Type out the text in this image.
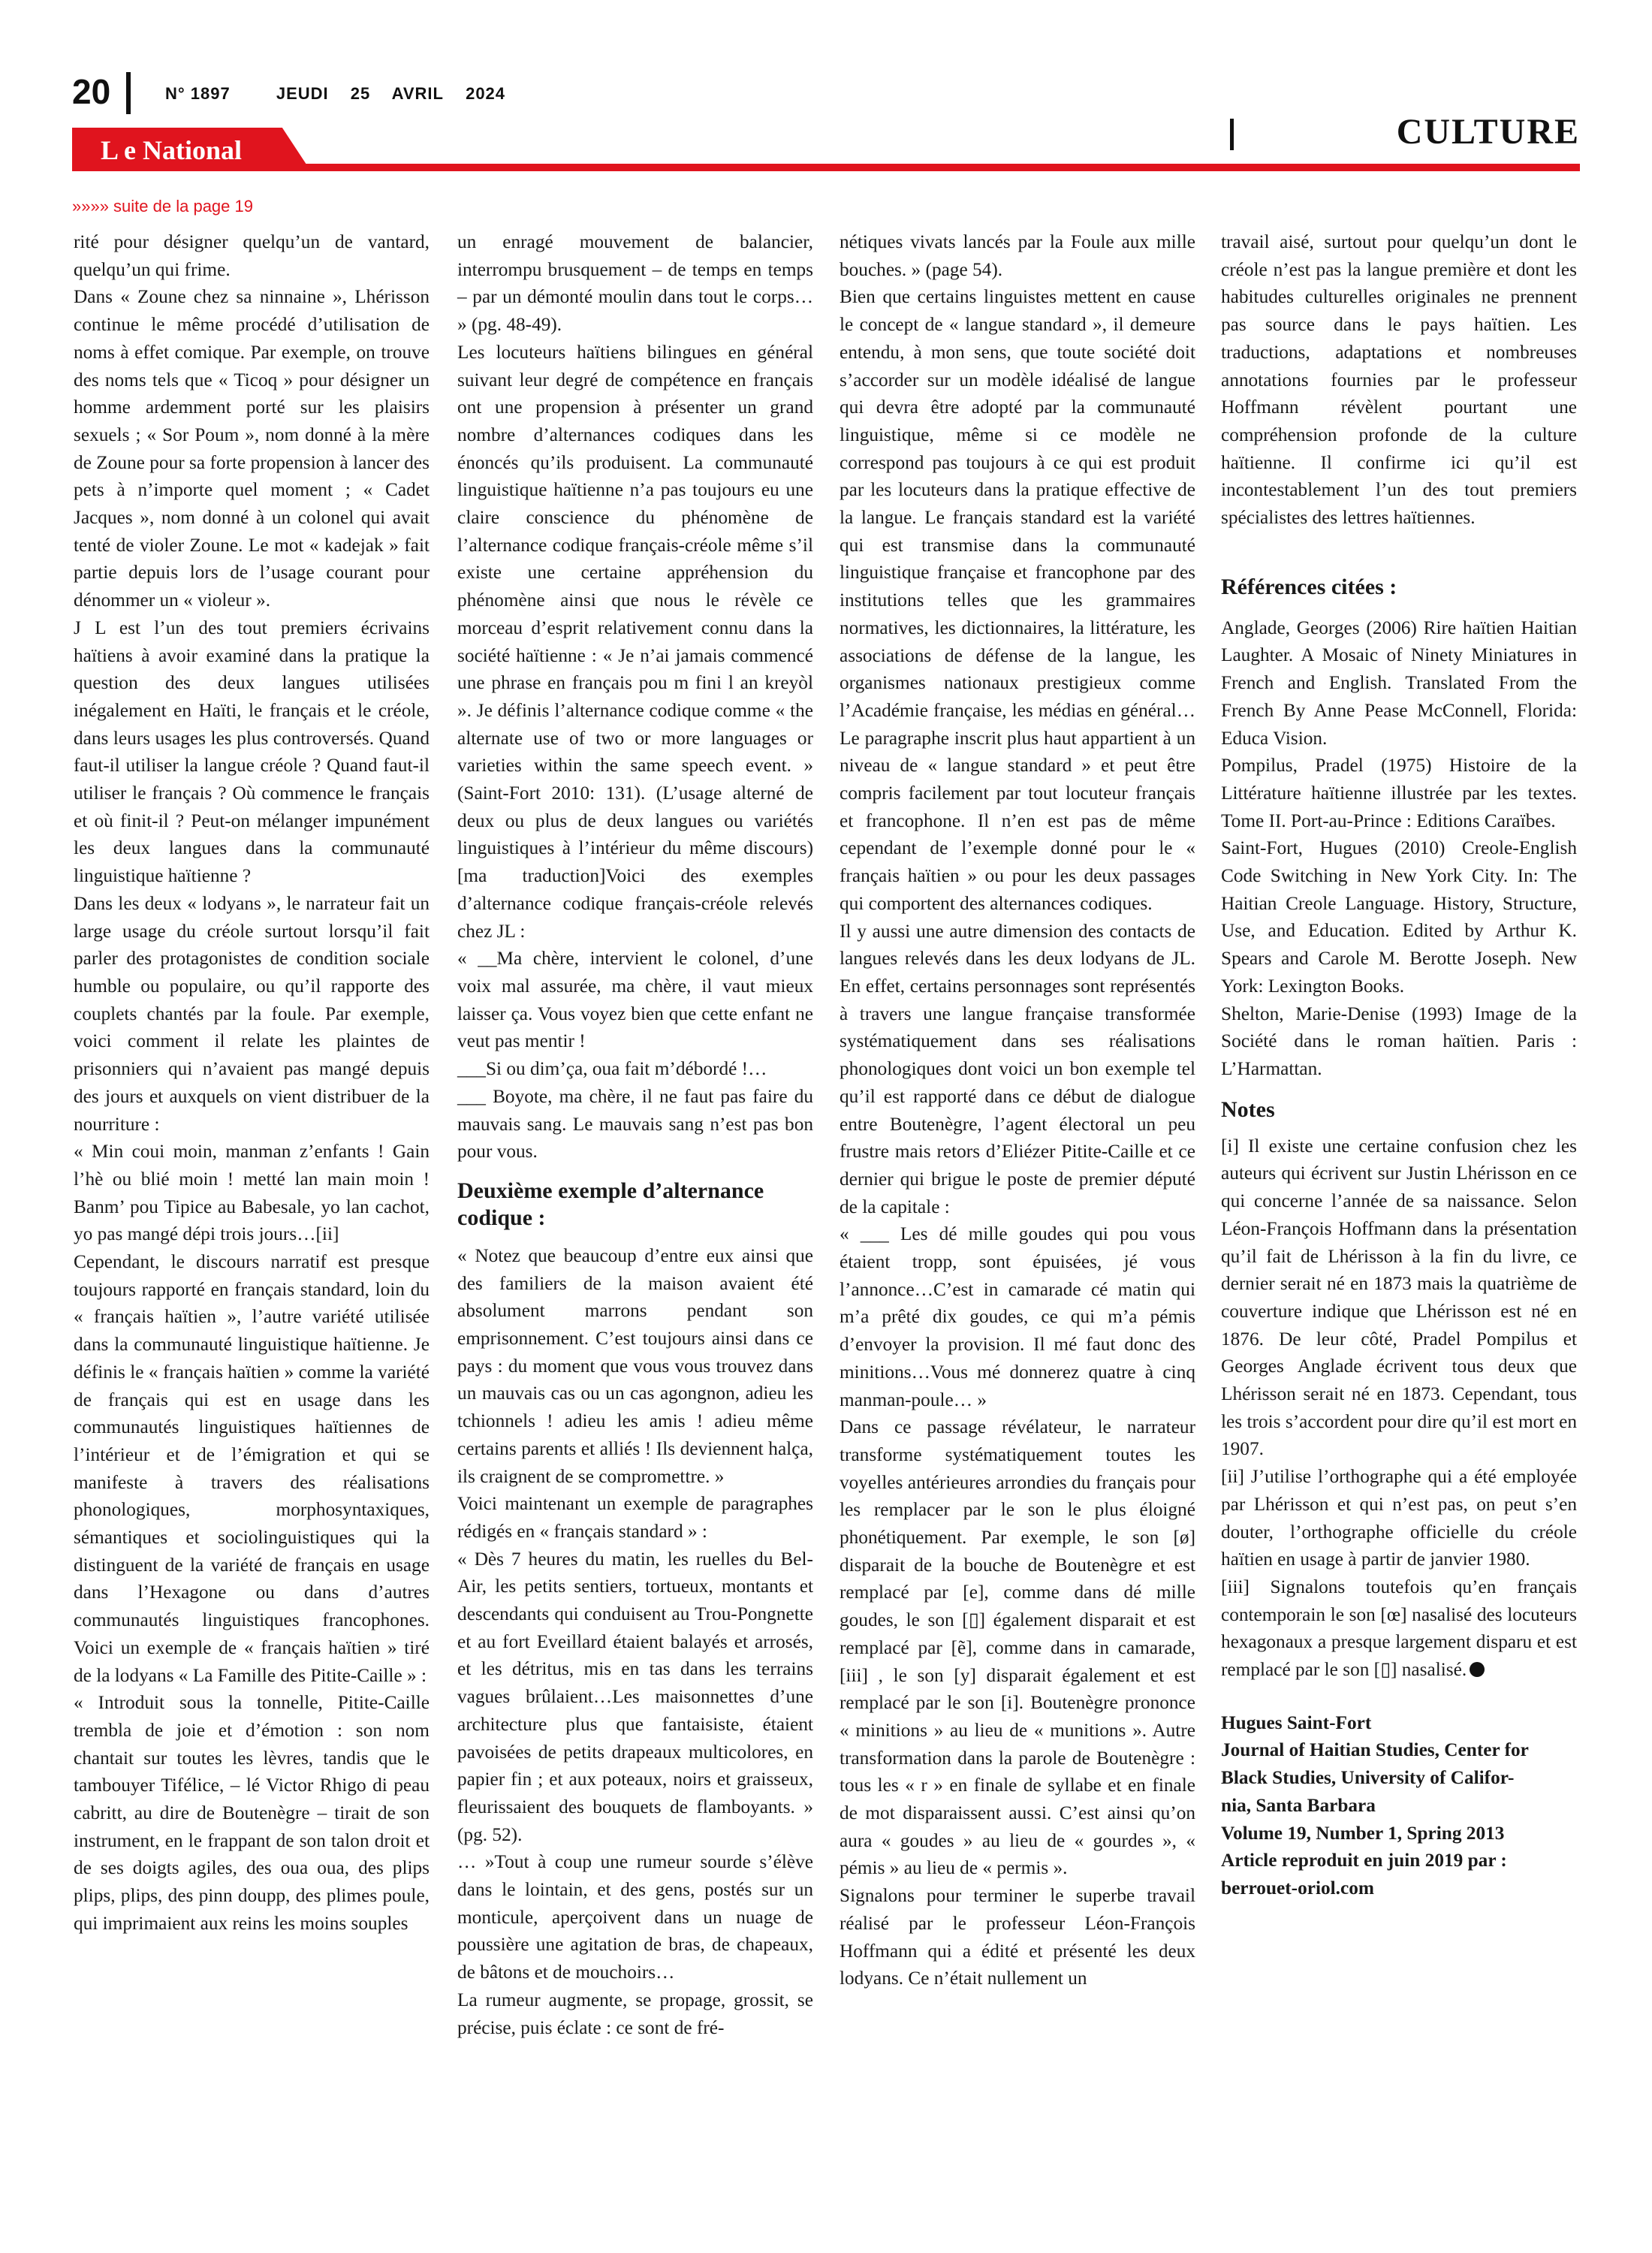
20	N° 1897	JEUDI 25 AVRIL 2024
L e National	CULTURE
»»»» suite de la page 19

rité pour désigner quelqu’un de vantard, quelqu’un qui frime.

Dans « Zoune chez sa ninnaine », Lhérisson continue le même procédé d’utilisation de noms à effet comique. Par exemple, on trouve des noms tels que « Ticoq » pour désigner un homme ardemment porté sur les plaisirs sexuels ; « Sor Poum », nom donné à la mère de Zoune pour sa forte propension à lancer des pets à n’importe quel moment ; « Cadet Jacques », nom donné à un colonel qui avait tenté de violer Zoune. Le mot « kadejak » fait partie depuis lors de l’usage courant pour dénommer un « violeur ».

J L est l’un des tout premiers écrivains haïtiens à avoir examiné dans la pratique la question des deux langues utilisées inégalement en Haïti, le français et le créole, dans leurs usages les plus controversés. Quand faut-il utiliser la langue créole ? Quand faut-il utiliser le français ? Où commence le français et où finit-il ? Peut-on mélanger impunément les deux langues dans la communauté linguistique haïtienne ?

Dans les deux « lodyans », le narrateur fait un large usage du créole surtout lorsqu’il fait parler des protagonistes de condition sociale humble ou populaire, ou qu’il rapporte des couplets chantés par la foule. Par exemple, voici comment il relate les plaintes de prisonniers qui n’avaient pas mangé depuis des jours et auxquels on vient distribuer de la nourriture :

« Min coui moin, manman z’enfants ! Gain l’hè ou blié moin ! metté lan main moin ! Banm’ pou Tipice au Babesale, yo lan cachot, yo pas mangé dépi trois jours…[ii]

Cependant, le discours narratif est presque toujours rapporté en français standard, loin du « français haïtien », l’autre variété utilisée dans la communauté linguistique haïtienne. Je définis le « français haïtien » comme la variété de français qui est en usage dans les communautés linguistiques haïtiennes de l’intérieur et de l’émigration et qui se manifeste à travers des réalisations phonologiques, morphosyntaxiques, sémantiques et sociolinguistiques qui la distinguent de la variété de français en usage dans l’Hexagone ou dans d’autres communautés linguistiques francophones. Voici un exemple de « français haïtien » tiré de la lodyans « La Famille des Pitite-Caille » :

« Introduit sous la tonnelle, Pitite-Caille trembla de joie et d’émotion : son nom chantait sur toutes les lèvres, tandis que le tambouyer Tifélice, – lé Victor Rhigo di peau cabritt, au dire de Boutenègre – tirait de son instrument, en le frappant de son talon droit et de ses doigts agiles, des oua oua, des plips plips, plips, des pinn doupp, des plimes poule, qui imprimaient aux reins les moins souples

un enragé mouvement de balancier, interrompu brusquement – de temps en temps – par un démonté moulin dans tout le corps… » (pg. 48-49).

Les locuteurs haïtiens bilingues en général suivant leur degré de compétence en français ont une propension à présenter un grand nombre d’alternances codiques dans les énoncés qu’ils produisent. La communauté linguistique haïtienne n’a pas toujours eu une claire conscience du phénomène de l’alternance codique français-créole même s’il existe une certaine appréhension du phénomène ainsi que nous le révèle ce morceau d’esprit relativement connu dans la société haïtienne : « Je n’ai jamais commencé une phrase en français pou m fini l an kreyòl ». Je définis l’alternance codique comme « the alternate use of two or more languages or varieties within the same speech event. » (Saint-Fort 2010: 131). (L’usage alterné de deux ou plus de deux langues ou variétés linguistiques à l’intérieur du même discours) [ma traduction]Voici des exemples d’alternance codique français-créole relevés chez JL :

« __Ma chère, intervient le colonel, d’une voix mal assurée, ma chère, il vaut mieux laisser ça. Vous voyez bien que cette enfant ne veut pas mentir !

___Si ou dim’ça, oua fait m’débordé !…

___ Boyote, ma chère, il ne faut pas faire du mauvais sang. Le mauvais sang n’est pas bon pour vous.

Deuxième exemple d’alternance codique :

« Notez que beaucoup d’entre eux ainsi que des familiers de la maison avaient été absolument marrons pendant son emprisonnement. C’est toujours ainsi dans ce pays : du moment que vous vous trouvez dans un mauvais cas ou un cas agongnon, adieu les tchionnels ! adieu les amis ! adieu même certains parents et alliés ! Ils deviennent halça, ils craignent de se compromettre. »

Voici maintenant un exemple de paragraphes rédigés en « français standard » :

« Dès 7 heures du matin, les ruelles du Bel-Air, les petits sentiers, tortueux, montants et descendants qui conduisent au Trou-Pongnette et au fort Eveillard étaient balayés et arrosés, et les détritus, mis en tas dans les terrains vagues brûlaient…Les maisonnettes d’une architecture plus que fantaisiste, étaient pavoisées de petits drapeaux multicolores, en papier fin ; et aux poteaux, noirs et graisseux, fleurissaient des bouquets de flamboyants. » (pg. 52).

… »Tout à coup une rumeur sourde s’élève dans le lointain, et des gens, postés sur un monticule, aperçoivent dans un nuage de poussière une agitation de bras, de chapeaux, de bâtons et de mouchoirs…

La rumeur augmente, se propage, grossit, se précise, puis éclate : ce sont de fré-

nétiques vivats lancés par la Foule aux mille bouches. » (page 54).

Bien que certains linguistes mettent en cause le concept de « langue standard », il demeure entendu, à mon sens, que toute société doit s’accorder sur un modèle idéalisé de langue qui devra être adopté par la communauté linguistique, même si ce modèle ne correspond pas toujours à ce qui est produit par les locuteurs dans la pratique effective de la langue. Le français standard est la variété qui est transmise dans la communauté linguistique française et francophone par des institutions telles que les grammaires normatives, les dictionnaires, la littérature, les associations de défense de la langue, les organismes nationaux prestigieux comme l’Académie française, les médias en général… Le paragraphe inscrit plus haut appartient à un niveau de « langue standard » et peut être compris facilement par tout locuteur français et francophone. Il n’en est pas de même cependant de l’exemple donné pour le « français haïtien » ou pour les deux passages qui comportent des alternances codiques.

Il y aussi une autre dimension des contacts de langues relevés dans les deux lodyans de JL. En effet, certains personnages sont représentés à travers une langue française transformée systématiquement dans ses réalisations phonologiques dont voici un bon exemple tel qu’il est rapporté dans ce début de dialogue entre Boutenègre, l’agent électoral un peu frustre mais retors d’Eliézer Pitite-Caille et ce dernier qui brigue le poste de premier député de la capitale :

« ___ Les dé mille goudes qui pou vous étaient tropp, sont épuisées, jé vous l’annonce…C’est in camarade cé matin qui m’a prêté dix goudes, ce qui m’a pémis d’envoyer la provision. Il mé faut donc des minitions…Vous mé donnerez quatre à cinq manman-poule… »

Dans ce passage révélateur, le narrateur transforme systématiquement toutes les voyelles antérieures arrondies du français pour les remplacer par le son le plus éloigné phonétiquement. Par exemple, le son [ø] disparait de la bouche de Boutenègre et est remplacé par [e], comme dans dé mille goudes, le son [▯] également disparait et est remplacé par [ẽ], comme dans in camarade, [iii] , le son [y] disparait également et est remplacé par le son [i]. Boutenègre prononce « minitions » au lieu de « munitions ». Autre transformation dans la parole de Boutenègre : tous les « r » en finale de syllabe et en finale de mot disparaissent aussi. C’est ainsi qu’on aura « goudes » au lieu de « gourdes », « pémis » au lieu de « permis ».

Signalons pour terminer le superbe travail réalisé par le professeur Léon-François Hoffmann qui a édité et présenté les deux lodyans. Ce n’était nullement un

travail aisé, surtout pour quelqu’un dont le créole n’est pas la langue première et dont les habitudes culturelles originales ne prennent pas source dans le pays haïtien. Les traductions, adaptations et nombreuses annotations fournies par le professeur Hoffmann révèlent pourtant une compréhension profonde de la culture haïtienne. Il confirme ici qu’il est incontestablement l’un des tout premiers spécialistes des lettres haïtiennes.

Références citées :

Anglade, Georges (2006) Rire haïtien Haitian Laughter. A Mosaic of Ninety Miniatures in French and English. Translated From the French By Anne Pease McConnell, Florida: Educa Vision.

Pompilus, Pradel (1975) Histoire de la Littérature haïtienne illustrée par les textes. Tome II. Port-au-Prince : Editions Caraïbes.

Saint-Fort, Hugues (2010) Creole-English Code Switching in New York City. In: The Haitian Creole Language. History, Structure, Use, and Education. Edited by Arthur K. Spears and Carole M. Berotte Joseph. New York: Lexington Books.

Shelton, Marie-Denise (1993) Image de la Société dans le roman haïtien. Paris : L’Harmattan.

Notes

[i] Il existe une certaine confusion chez les auteurs qui écrivent sur Justin Lhérisson en ce qui concerne l’année de sa naissance. Selon Léon-François Hoffmann dans la présentation qu’il fait de Lhérisson à la fin du livre, ce dernier serait né en 1873 mais la quatrième de couverture indique que Lhérisson est né en 1876. De leur côté, Pradel Pompilus et Georges Anglade écrivent tous deux que Lhérisson serait né en 1873. Cependant, tous les trois s’accordent pour dire qu’il est mort en 1907.

[ii] J’utilise l’orthographe qui a été employée par Lhérisson et qui n’est pas, on peut s’en douter, l’orthographe officielle du créole haïtien en usage à partir de janvier 1980.

[iii] Signalons toutefois qu’en français contemporain le son [œ] nasalisé des locuteurs hexagonaux a presque largement disparu et est remplacé par le son [▯] nasalisé.

Hugues Saint-Fort
Journal of Haitian Studies, Center for
Black Studies, University of Califor-
nia, Santa Barbara
Volume 19, Number 1, Spring 2013
Article reproduit en juin 2019 par :
berrouet-oriol.com
